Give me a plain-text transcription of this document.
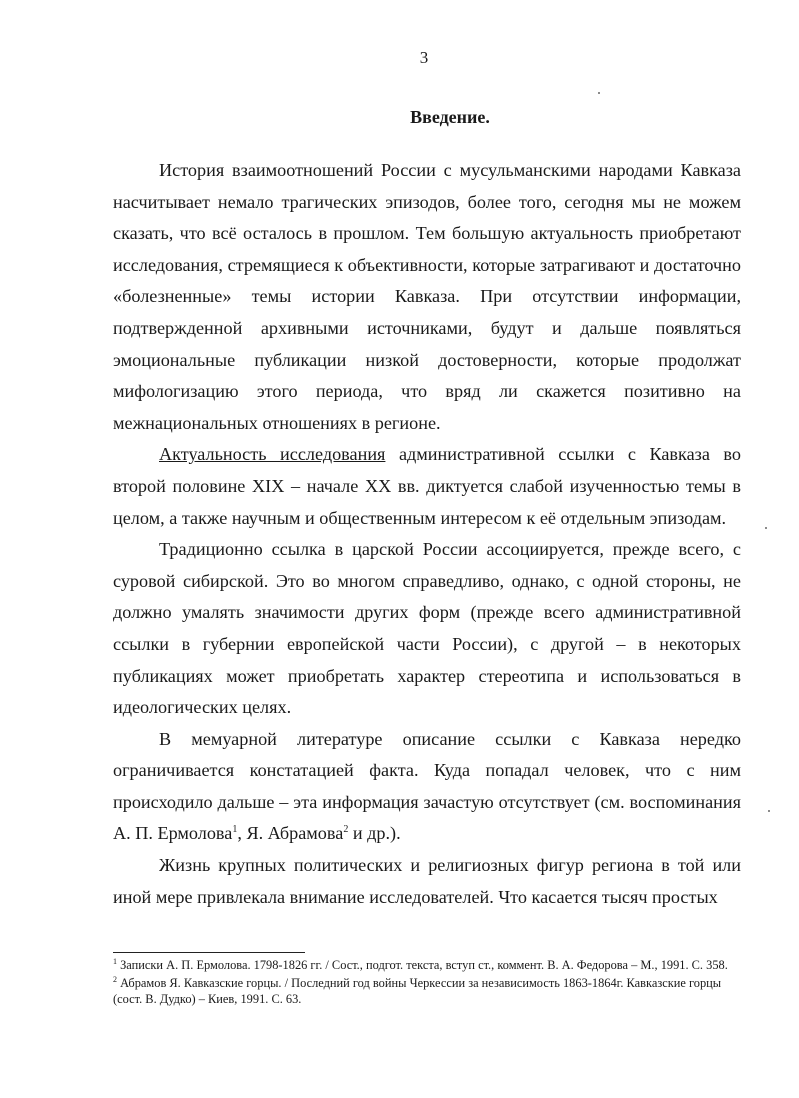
3
Введение.

История взаимоотношений России с мусульманскими народами Кавказа насчитывает немало трагических эпизодов, более того, сегодня мы не можем сказать, что всё осталось в прошлом. Тем большую актуальность приобретают исследования, стремящиеся к объективности, которые затрагивают и достаточно «болезненные» темы истории Кавказа. При отсутствии информации, подтвержденной архивными источниками, будут и дальше появляться эмоциональные публикации низкой достоверности, которые продолжат мифологизацию этого периода, что вряд ли скажется позитивно на межнациональных отношениях в регионе.

Актуальность исследования административной ссылки с Кавказа во второй половине XIX – начале XX вв. диктуется слабой изученностью темы в целом, а также научным и общественным интересом к её отдельным эпизодам.

Традиционно ссылка в царской России ассоциируется, прежде всего, с суровой сибирской. Это во многом справедливо, однако, с одной стороны, не должно умалять значимости других форм (прежде всего административной ссылки в губернии европейской части России), с другой – в некоторых публикациях может приобретать характер стереотипа и использоваться в идеологических целях.

В мемуарной литературе описание ссылки с Кавказа нередко ограничивается констатацией факта. Куда попадал человек, что с ним происходило дальше – эта информация зачастую отсутствует (см. воспоминания А. П. Ермолова$^1$, Я. Абрамова$^2$ и др.).

Жизнь крупных политических и религиозных фигур региона в той или иной мере привлекала внимание исследователей. Что касается тысяч простых

$^1$ Записки А. П. Ермолова. 1798-1826 гг. / Сост., подгот. текста, вступ ст., коммент. В. А. Федорова – М., 1991. С. 358.

$^2$ Абрамов Я. Кавказские горцы. / Последний год войны Черкессии за независимость 1863-1864г. Кавказские горцы (сост. В. Дудко) – Киев, 1991. С. 63.
